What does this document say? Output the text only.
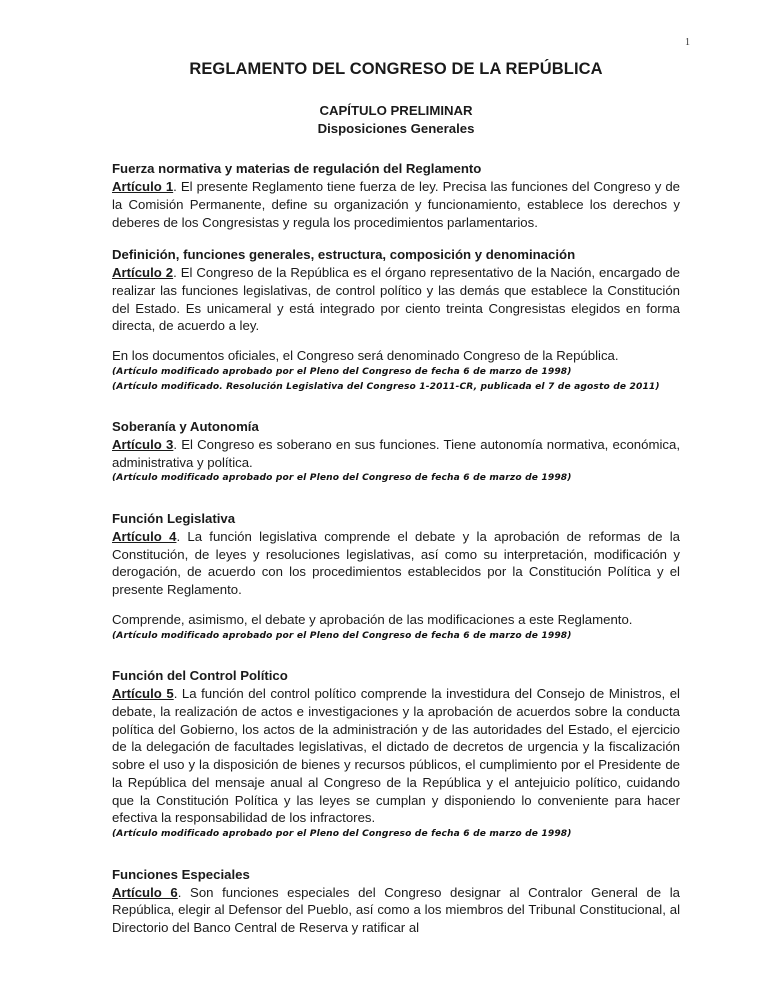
1
REGLAMENTO DEL CONGRESO DE LA REPÚBLICA
CAPÍTULO PRELIMINAR
Disposiciones Generales
Fuerza normativa y materias de regulación del Reglamento

Artículo 1. El presente Reglamento tiene fuerza de ley. Precisa las funciones del Congreso y de la Comisión Permanente, define su organización y funcionamiento, establece los derechos y deberes de los Congresistas y regula los procedimientos parlamentarios.

Definición, funciones generales, estructura, composición y denominación

Artículo 2. El Congreso de la República es el órgano representativo de la Nación, encargado de realizar las funciones legislativas, de control político y las demás que establece la Constitución del Estado. Es unicameral y está integrado por ciento treinta Congresistas elegidos en forma directa, de acuerdo a ley.

En los documentos oficiales, el Congreso será denominado Congreso de la República.

(Artículo modificado aprobado por el Pleno del Congreso de fecha 6 de marzo de 1998)

(Artículo modificado. Resolución Legislativa del Congreso 1-2011-CR, publicada el 7 de agosto de 2011)

Soberanía y Autonomía

Artículo 3. El Congreso es soberano en sus funciones. Tiene autonomía normativa, económica, administrativa y política.

(Artículo modificado aprobado por el Pleno del Congreso de fecha 6 de marzo de 1998)

Función Legislativa

Artículo 4. La función legislativa comprende el debate y la aprobación de reformas de la Constitución, de leyes y resoluciones legislativas, así como su interpretación, modificación y derogación, de acuerdo con los procedimientos establecidos por la Constitución Política y el presente Reglamento.

Comprende, asimismo, el debate y aprobación de las modificaciones a este Reglamento.

(Artículo modificado aprobado por el Pleno del Congreso de fecha 6 de marzo de 1998)

Función del Control Político

Artículo 5. La función del control político comprende la investidura del Consejo de Ministros, el debate, la realización de actos e investigaciones y la aprobación de acuerdos sobre la conducta política del Gobierno, los actos de la administración y de las autoridades del Estado, el ejercicio de la delegación de facultades legislativas, el dictado de decretos de urgencia y la fiscalización sobre el uso y la disposición de bienes y recursos públicos, el cumplimiento por el Presidente de la República del mensaje anual al Congreso de la República y el antejuicio político, cuidando que la Constitución Política y las leyes se cumplan y disponiendo lo conveniente para hacer efectiva la responsabilidad de los infractores.

(Artículo modificado aprobado por el Pleno del Congreso de fecha 6 de marzo de 1998)

Funciones Especiales

Artículo 6. Son funciones especiales del Congreso designar al Contralor General de la República, elegir al Defensor del Pueblo, así como a los miembros del Tribunal Constitucional, al Directorio del Banco Central de Reserva y ratificar al
